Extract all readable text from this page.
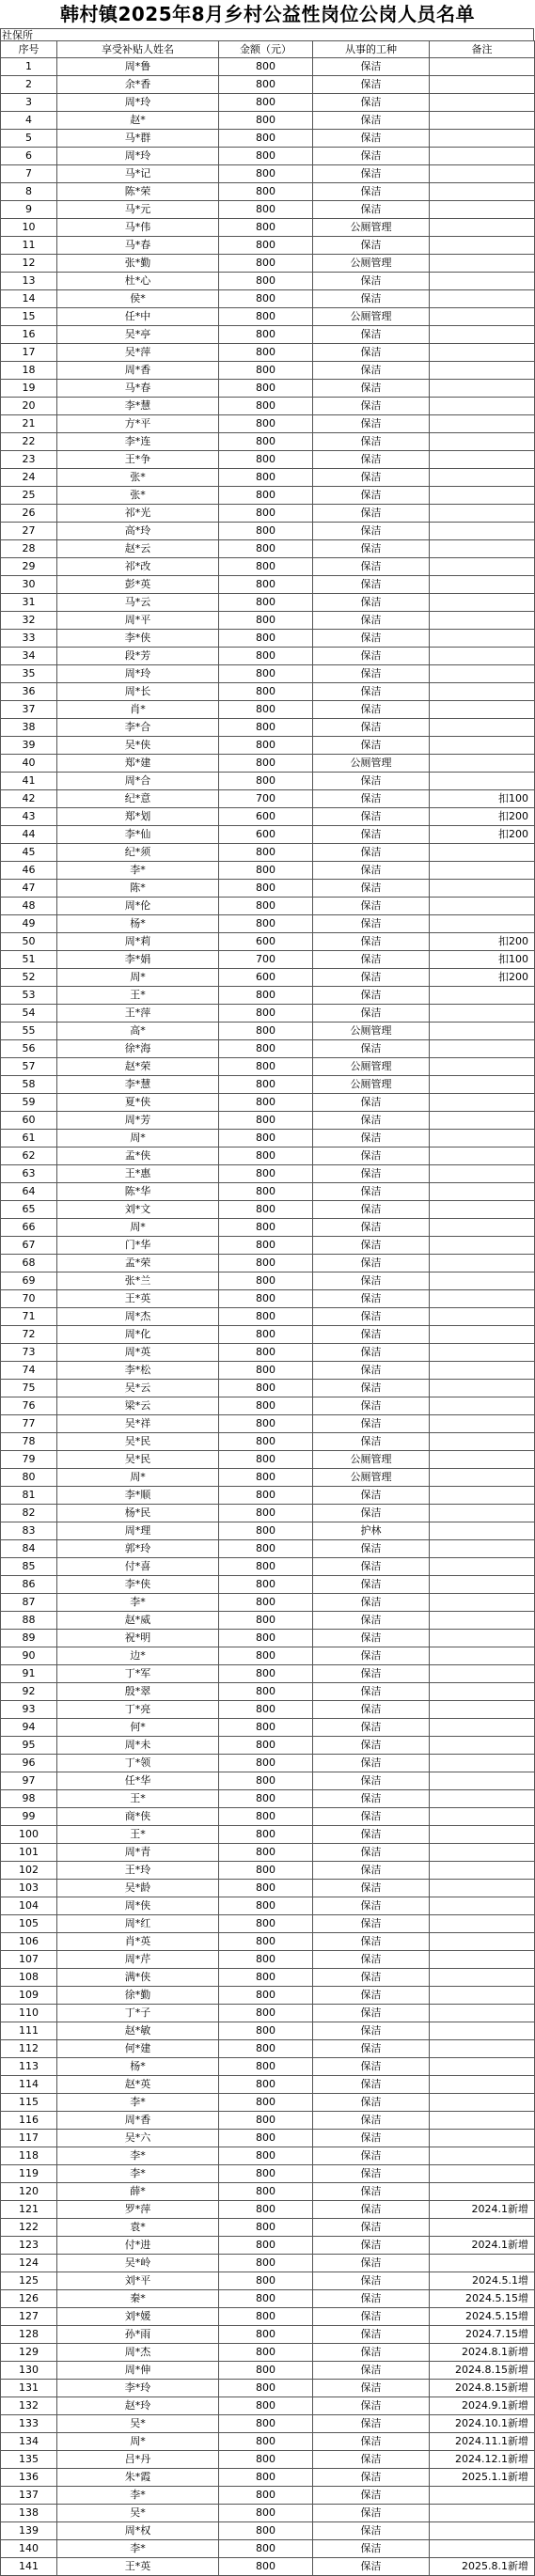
韩村镇2025年8月乡村公益性岗位公岗人员名单
社保所
序号	享受补贴人姓名	金额（元）	从事的工种	备注
1	周*鲁	800	保洁	
2	余*香	800	保洁	
3	周*玲	800	保洁	
4	赵*	800	保洁	
5	马*群	800	保洁	
6	周*玲	800	保洁	
7	马*记	800	保洁	
8	陈*荣	800	保洁	
9	马*元	800	保洁	
10	马*伟	800	公厕管理	
11	马*春	800	保洁	
12	张*勤	800	公厕管理	
13	杜*心	800	保洁	
14	侯*	800	保洁	
15	任*中	800	公厕管理	
16	吴*亭	800	保洁	
17	吴*萍	800	保洁	
18	周*香	800	保洁	
19	马*春	800	保洁	
20	李*慧	800	保洁	
21	方*平	800	保洁	
22	李*连	800	保洁	
23	王*争	800	保洁	
24	张*	800	保洁	
25	张*	800	保洁	
26	祁*光	800	保洁	
27	高*玲	800	保洁	
28	赵*云	800	保洁	
29	祁*改	800	保洁	
30	彭*英	800	保洁	
31	马*云	800	保洁	
32	周*平	800	保洁	
33	李*侠	800	保洁	
34	段*芳	800	保洁	
35	周*玲	800	保洁	
36	周*长	800	保洁	
37	肖*	800	保洁	
38	李*合	800	保洁	
39	吴*侠	800	保洁	
40	郑*建	800	公厕管理	
41	周*合	800	保洁	
42	纪*意	700	保洁	扣100
43	郑*划	600	保洁	扣200
44	李*仙	600	保洁	扣200
45	纪*须	800	保洁	
46	李*	800	保洁	
47	陈*	800	保洁	
48	周*伦	800	保洁	
49	杨*	800	保洁	
50	周*莉	600	保洁	扣200
51	李*娟	700	保洁	扣100
52	周*	600	保洁	扣200
53	王*	800	保洁	
54	王*萍	800	保洁	
55	高*	800	公厕管理	
56	徐*海	800	保洁	
57	赵*荣	800	公厕管理	
58	李*慧	800	公厕管理	
59	夏*侠	800	保洁	
60	周*芳	800	保洁	
61	周*	800	保洁	
62	孟*侠	800	保洁	
63	王*惠	800	保洁	
64	陈*华	800	保洁	
65	刘*文	800	保洁	
66	周*	800	保洁	
67	门*华	800	保洁	
68	孟*荣	800	保洁	
69	张*兰	800	保洁	
70	王*英	800	保洁	
71	周*杰	800	保洁	
72	周*化	800	保洁	
73	周*英	800	保洁	
74	李*松	800	保洁	
75	吴*云	800	保洁	
76	梁*云	800	保洁	
77	吴*祥	800	保洁	
78	吴*民	800	保洁	
79	吴*民	800	公厕管理	
80	周*	800	公厕管理	
81	李*顺	800	保洁	
82	杨*民	800	保洁	
83	周*理	800	护林	
84	郭*玲	800	保洁	
85	付*喜	800	保洁	
86	李*侠	800	保洁	
87	李*	800	保洁	
88	赵*威	800	保洁	
89	祝*明	800	保洁	
90	边*	800	保洁	
91	丁*军	800	保洁	
92	殷*翠	800	保洁	
93	丁*亮	800	保洁	
94	何*	800	保洁	
95	周*未	800	保洁	
96	丁*领	800	保洁	
97	任*华	800	保洁	
98	王*	800	保洁	
99	商*侠	800	保洁	
100	王*	800	保洁	
101	周*青	800	保洁	
102	王*玲	800	保洁	
103	吴*龄	800	保洁	
104	周*侠	800	保洁	
105	周*红	800	保洁	
106	肖*英	800	保洁	
107	周*芹	800	保洁	
108	满*侠	800	保洁	
109	徐*勤	800	保洁	
110	丁*子	800	保洁	
111	赵*敏	800	保洁	
112	何*建	800	保洁	
113	杨*	800	保洁	
114	赵*英	800	保洁	
115	李*	800	保洁	
116	周*香	800	保洁	
117	吴*六	800	保洁	
118	李*	800	保洁	
119	李*	800	保洁	
120	薛*	800	保洁	
121	罗*萍	800	保洁	2024.1新增
122	袁*	800	保洁	
123	付*进	800	保洁	2024.1新增
124	吴*岭	800	保洁	
125	刘*平	800	保洁	2024.5.1增
126	秦*	800	保洁	2024.5.15增
127	刘*媛	800	保洁	2024.5.15增
128	孙*雨	800	保洁	2024.7.15增
129	周*杰	800	保洁	2024.8.1新增
130	周*伸	800	保洁	2024.8.15新增
131	李*玲	800	保洁	2024.8.15新增
132	赵*玲	800	保洁	2024.9.1新增
133	吴*	800	保洁	2024.10.1新增
134	周*	800	保洁	2024.11.1新增
135	吕*丹	800	保洁	2024.12.1新增
136	朱*霞	800	保洁	2025.1.1新增
137	李*	800	保洁	
138	吴*	800	保洁	
139	周*权	800	保洁	
140	李*	800	保洁	
141	王*英	800	保洁	2025.8.1新增
